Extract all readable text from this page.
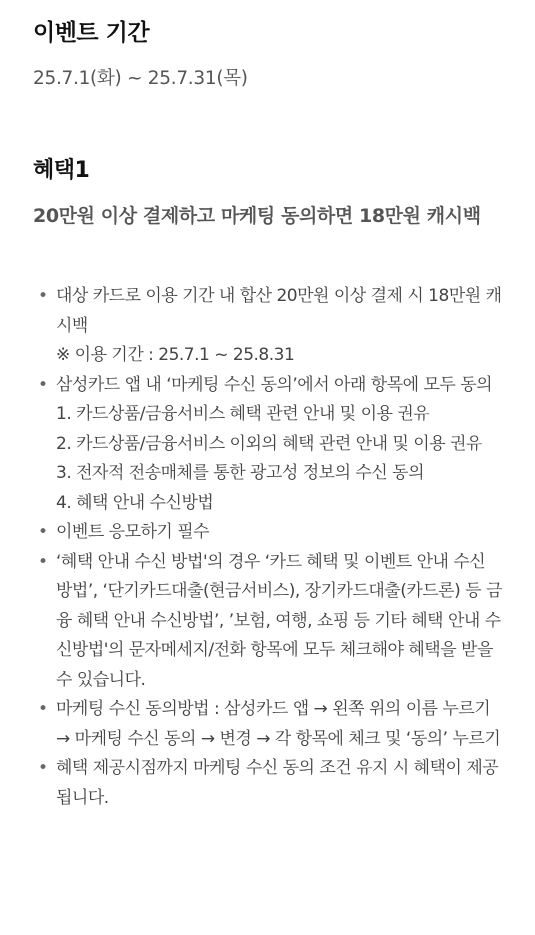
이벤트 기간
25.7.1(화) ~ 25.7.31(목)
혜택1

20만원 이상 결제하고 마케팅 동의하면 18만원 캐시백

• 대상 카드로 이용 기간 내 합산 20만원 이상 결제 시 18만원 캐시백
※ 이용 기간 : 25.7.1 ~ 25.8.31
• 삼성카드 앱 내 ‘마케팅 수신 동의’에서 아래 항목에 모두 동의
1. 카드상품/금융서비스 혜택 관련 안내 및 이용 권유
2. 카드상품/금융서비스 이외의 혜택 관련 안내 및 이용 권유
3. 전자적 전송매체를 통한 광고성 정보의 수신 동의
4. 혜택 안내 수신방법
• 이벤트 응모하기 필수
• ‘혜택 안내 수신 방법'의 경우 ‘카드 혜택 및 이벤트 안내 수신 방법’, ‘단기카드대출(현금서비스), 장기카드대출(카드론) 등 금융 혜택 안내 수신방법’, ’보험, 여행, 쇼핑 등 기타 혜택 안내 수신방법'의 문자메세지/전화 항목에 모두 체크해야 혜택을 받을 수 있습니다.
• 마케팅 수신 동의방법 : 삼성카드 앱 → 왼쪽 위의 이름 누르기 → 마케팅 수신 동의 → 변경 → 각 항목에 체크 및 ‘동의’ 누르기
• 혜택 제공시점까지 마케팅 수신 동의 조건 유지 시 혜택이 제공됩니다.
